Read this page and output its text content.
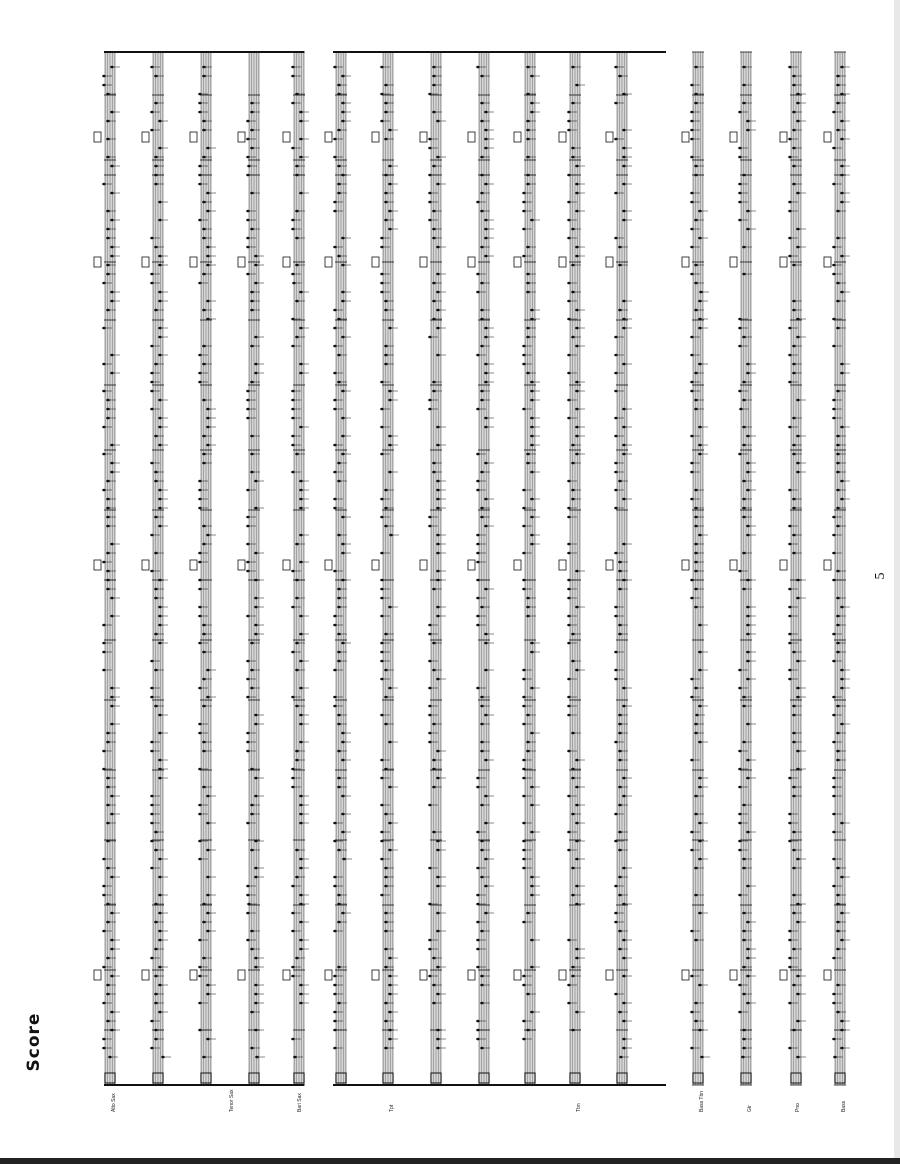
Score
Alto Sax	Tenor Sax	Bari Sax	Tpt	Tbn	Bass Tbn	Gtr	Pno	Bass
5
